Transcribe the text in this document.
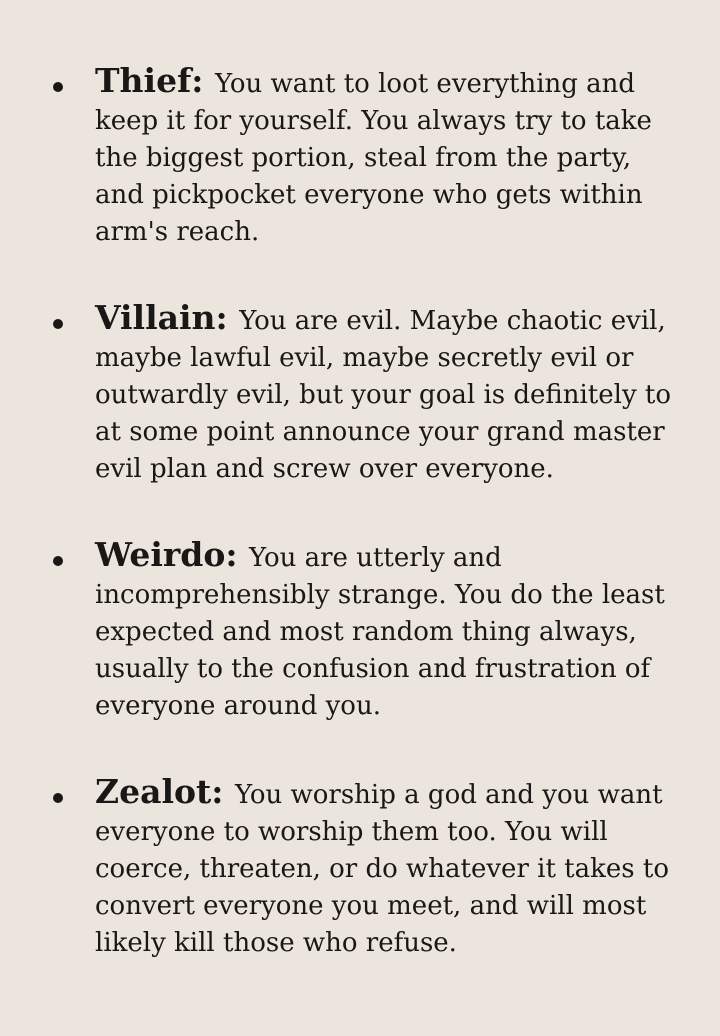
Thief: You want to loot everything and keep it for yourself. You always try to take the biggest portion, steal from the party, and pickpocket everyone who gets within arm's reach.
Villain: You are evil. Maybe chaotic evil, maybe lawful evil, maybe secretly evil or outwardly evil, but your goal is definitely to at some point announce your grand master evil plan and screw over everyone.
Weirdo: You are utterly and incomprehensibly strange. You do the least expected and most random thing always, usually to the confusion and frustration of everyone around you.
Zealot: You worship a god and you want everyone to worship them too. You will coerce, threaten, or do whatever it takes to convert everyone you meet, and will most likely kill those who refuse.
